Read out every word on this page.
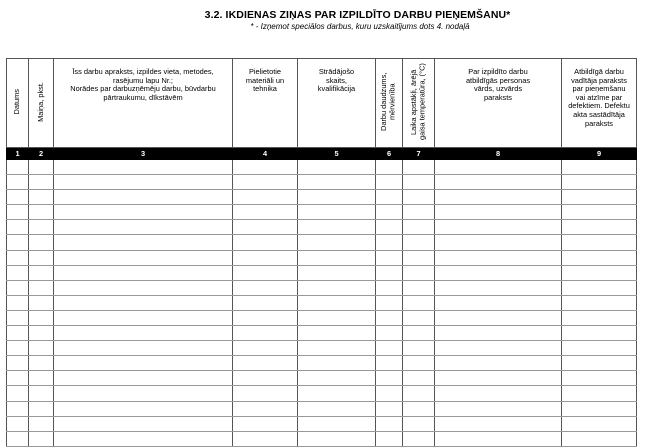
3.2. IKDIENAS ZIŅAS PAR IZPILDĪTO DARBU PIEŅEMŠANU*
* - Izņemot speciālos darbus, kuru uzskaitījums dots 4. nodaļā
Datums	Maiņa, pkst.	Īss darbu apraksts, izpildes vieta, metodes,
rasējumu lapu Nr.;
Norādes par darbuzņēmēju darbu, būvdarbu
pārtraukumu, dīkstāvēm	Pielietotie materiāli un tehnika	Strādājošo skaits, kvalifikācija	Darbu daudzums,
mērvienība	Laika apstākļi, ārējā
gaisa temperatūra, (°C)	Par izpildīto darbu atbildīgās personas vārds, uzvārds paraksts	Atbildīgā darbu vadītāja paraksts par pieņemšanu vai atzīme par defektiem. Defektu akta sastādītāja paraksts

1	2	3	4	5	6	7	8	9
